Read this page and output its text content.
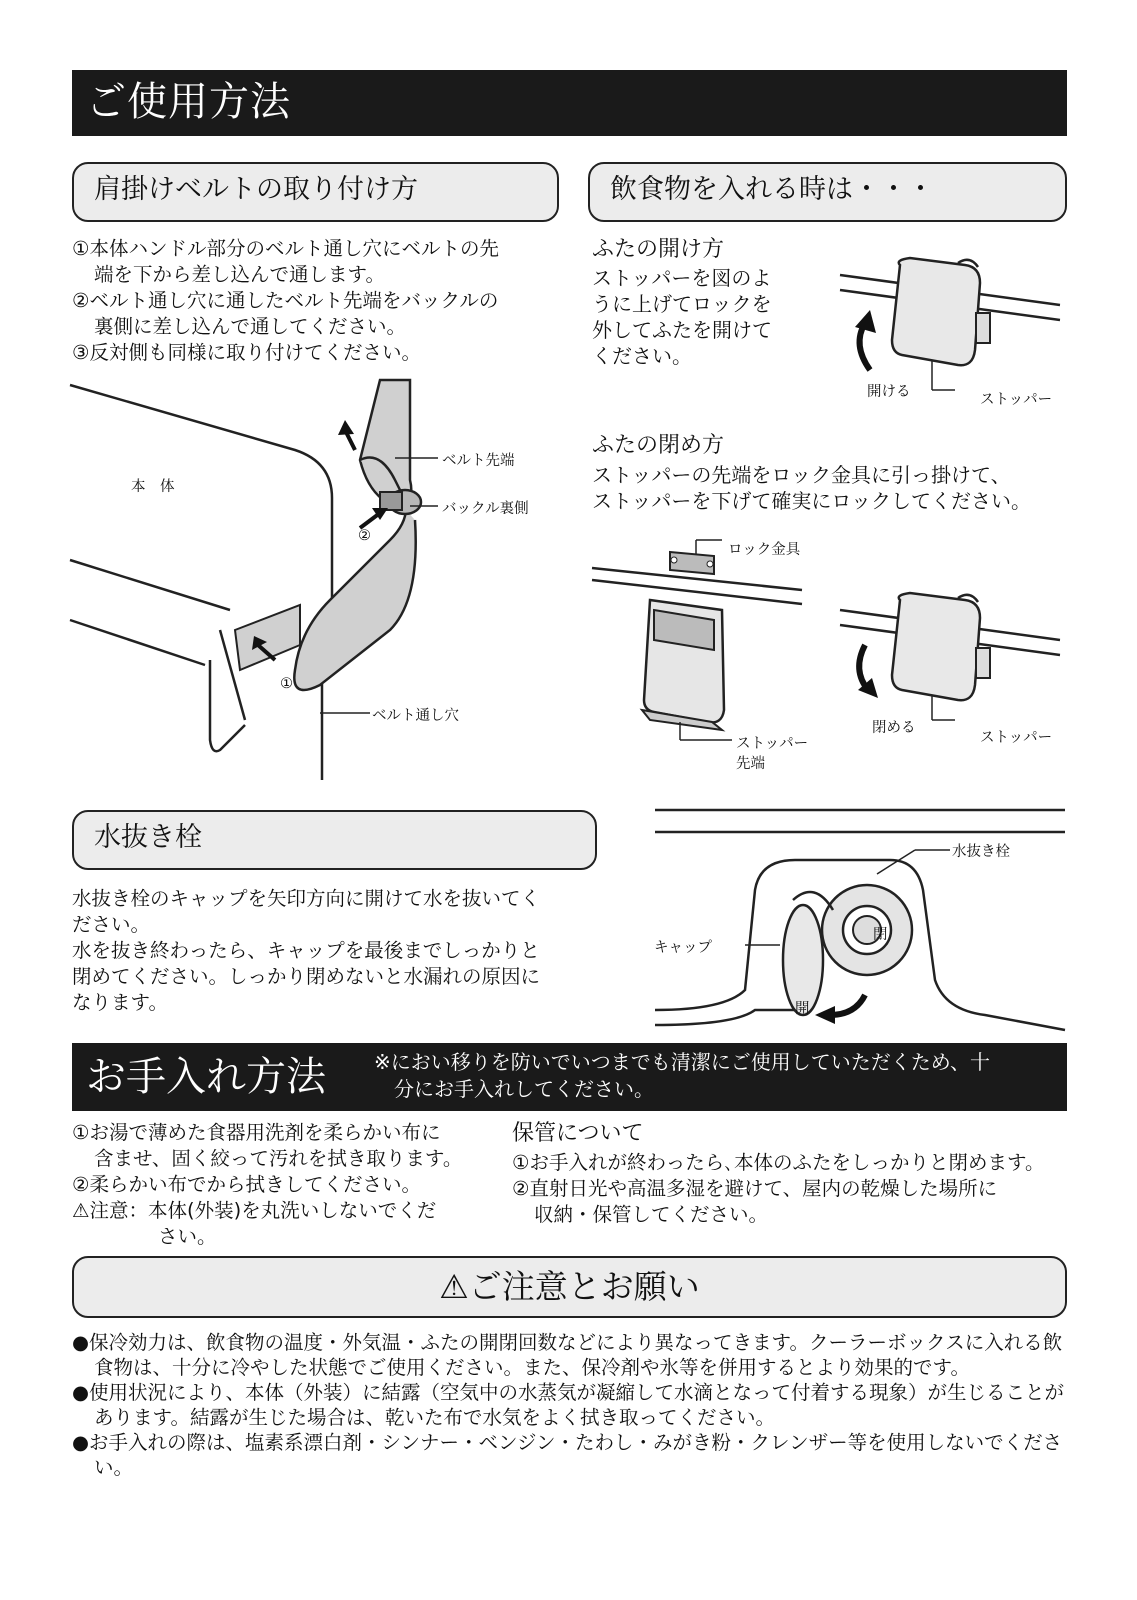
ご使用方法
肩掛けベルトの取り付け方

①本体ハンドル部分のベルト通し穴にベルトの先

端を下から差し込んで通します。

②ベルト通し穴に通したベルト先端をバックルの

裏側に差し込んで通してください。

③反対側も同様に取り付けてください。

本　体
ベルト先端
バックル裏側
ベルト通し穴
②
①
飲食物を入れる時は・・・
ふたの開け方

ストッパーを図のよ

うに上げてロックを

外してふたを開けて

ください。

開ける	ストッパー
ふたの閉め方

ストッパーの先端をロック金具に引っ掛けて、

ストッパーを下げて確実にロックしてください。

ロック金具
ストッパー
先端
閉める
ストッパー
水抜き栓

水抜き栓のキャップを矢印方向に開けて水を抜いてく

ださい。

水を抜き終わったら、キャップを最後までしっかりと

閉めてください。しっかり閉めないと水漏れの原因に

なります。

水抜き栓
キャップ
閉
開
お手入れ方法 ※におい移りを防いでいつまでも清潔にご使用していただくため、十
分にお手入れしてください。

①お湯で薄めた食器用洗剤を柔らかい布に

含ませ、固く絞って汚れを拭き取ります。

②柔らかい布でから拭きしてください。

⚠注意：本体(外装)を丸洗いしないでくだ

さい。

保管について

①お手入れが終わったら､本体のふたをしっかりと閉めます。

②直射日光や高温多湿を避けて、屋内の乾燥した場所に

収納・保管してください。

⚠ご注意とお願い

●保冷効力は、飲食物の温度・外気温・ふたの開閉回数などにより異なってきます。クーラーボックスに入れる飲食物は、十分に冷やした状態でご使用ください。また、保冷剤や氷等を併用するとより効果的です。

●使用状況により、本体（外装）に結露（空気中の水蒸気が凝縮して水滴となって付着する現象）が生じることがあります。結露が生じた場合は、乾いた布で水気をよく拭き取ってください。

●お手入れの際は、塩素系漂白剤・シンナー・ベンジン・たわし・みがき粉・クレンザー等を使用しないでください。
